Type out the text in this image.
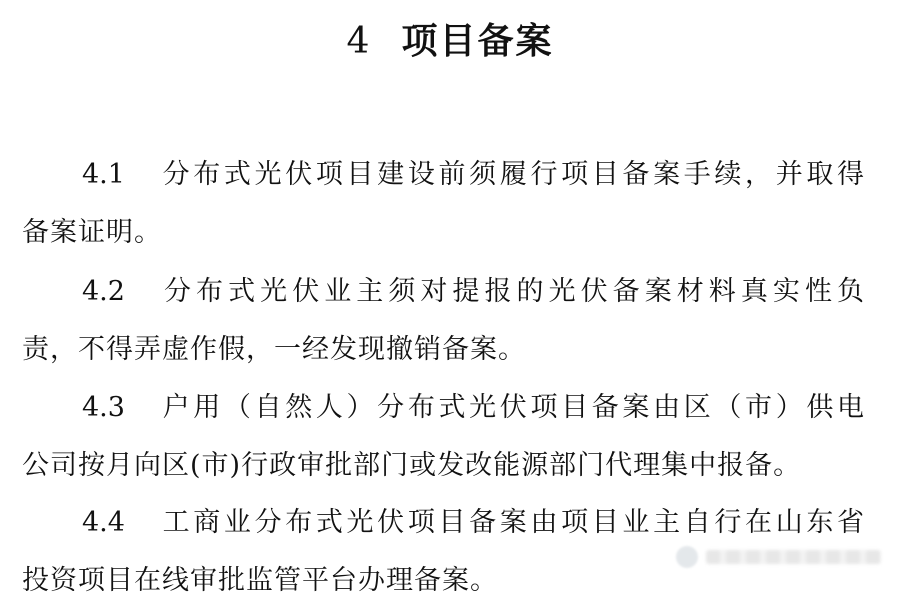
4 项目备案
4.1 分布式光伏项目建设前须履行项目备案手续，并取得
备案证明。
4.2 分布式光伏业主须对提报的光伏备案材料真实性负
责，不得弄虚作假，一经发现撤销备案。
4.3 户用（自然人）分布式光伏项目备案由区（市）供电
公司按月向区(市)行政审批部门或发改能源部门代理集中报备。
4.4 工商业分布式光伏项目备案由项目业主自行在山东省
投资项目在线审批监管平台办理备案。
